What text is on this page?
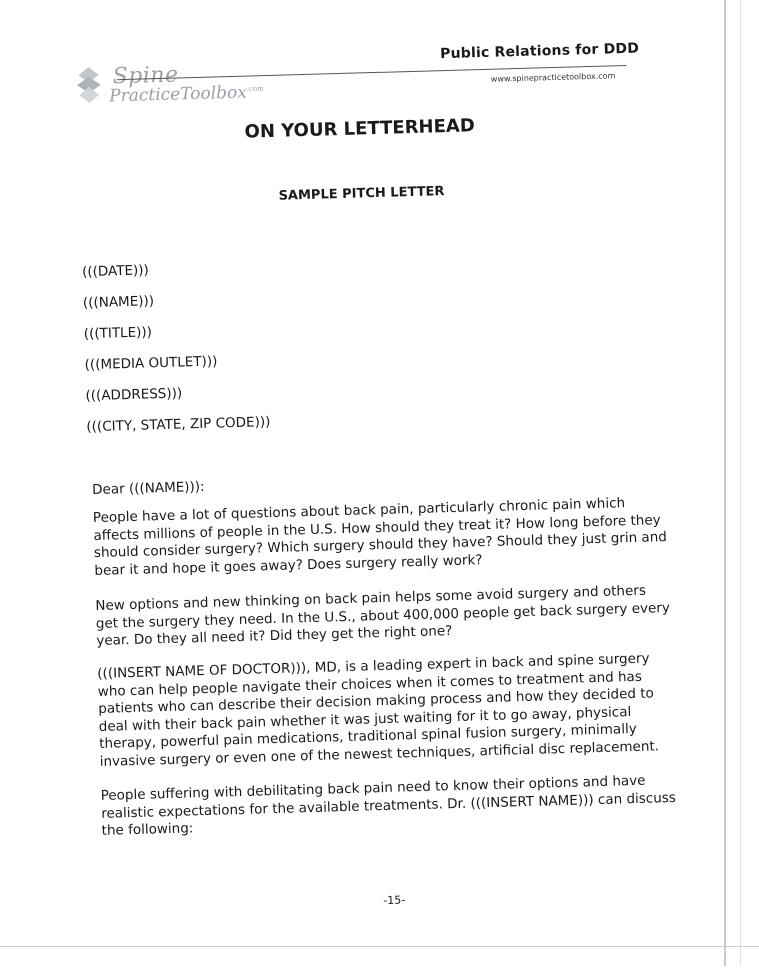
Spine
PracticeToolbox$^{.com}$
Public Relations for DDD
www.spinepracticetoolbox.com
ON YOUR LETTERHEAD
SAMPLE PITCH LETTER
(((DATE)))
(((NAME)))
(((TITLE)))
(((MEDIA OUTLET)))
(((ADDRESS)))
(((CITY, STATE, ZIP CODE)))
Dear (((NAME))):
People have a lot of questions about back pain, particularly chronic pain which affects millions of people in the U.S. How should they treat it? How long before they should consider surgery? Which surgery should they have? Should they just grin and bear it and hope it goes away? Does surgery really work?
New options and new thinking on back pain helps some avoid surgery and others get the surgery they need. In the U.S., about 400,000 people get back surgery every year. Do they all need it? Did they get the right one?
(((INSERT NAME OF DOCTOR))), MD, is a leading expert in back and spine surgery who can help people navigate their choices when it comes to treatment and has patients who can describe their decision making process and how they decided to deal with their back pain whether it was just waiting for it to go away, physical therapy, powerful pain medications, traditional spinal fusion surgery, minimally invasive surgery or even one of the newest techniques, artificial disc replacement.
People suffering with debilitating back pain need to know their options and have realistic expectations for the available treatments. Dr. (((INSERT NAME))) can discuss the following:
-15-
